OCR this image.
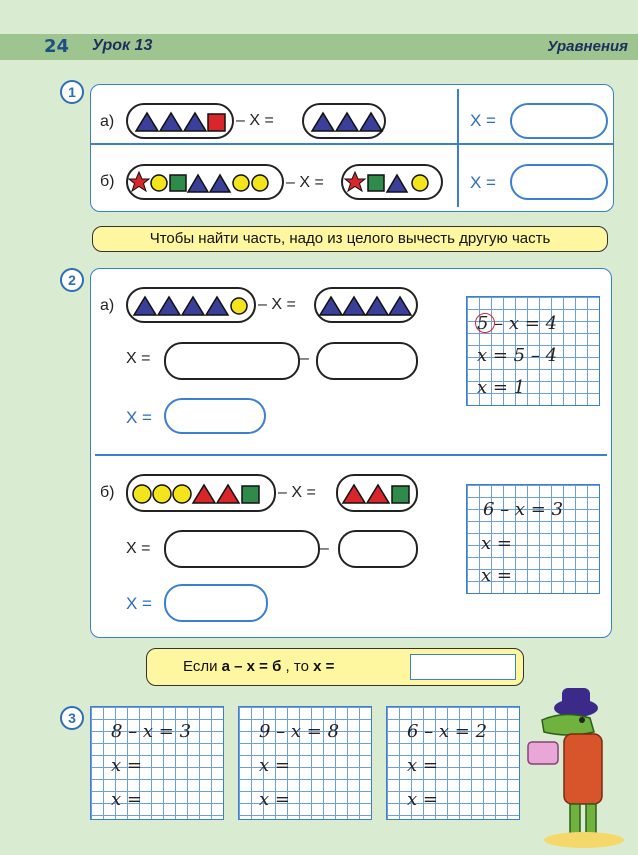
24 Урок 13	Уравнения
1
а)	– X =	X =
б)	– X =	X =
Чтобы найти часть, надо из целого вычесть другую часть
2
а)	– X =
X =	–
X =
5 – x = 4
x = 5 – 4
x = 1
б)	– X =
X =	–
X =
6 – x = 3
x =
x =
Если а – х = б , то х =
3
8 – x = 3
x =
x =
9 – x = 8
x =
x =
6 – x = 2
x =
x =
